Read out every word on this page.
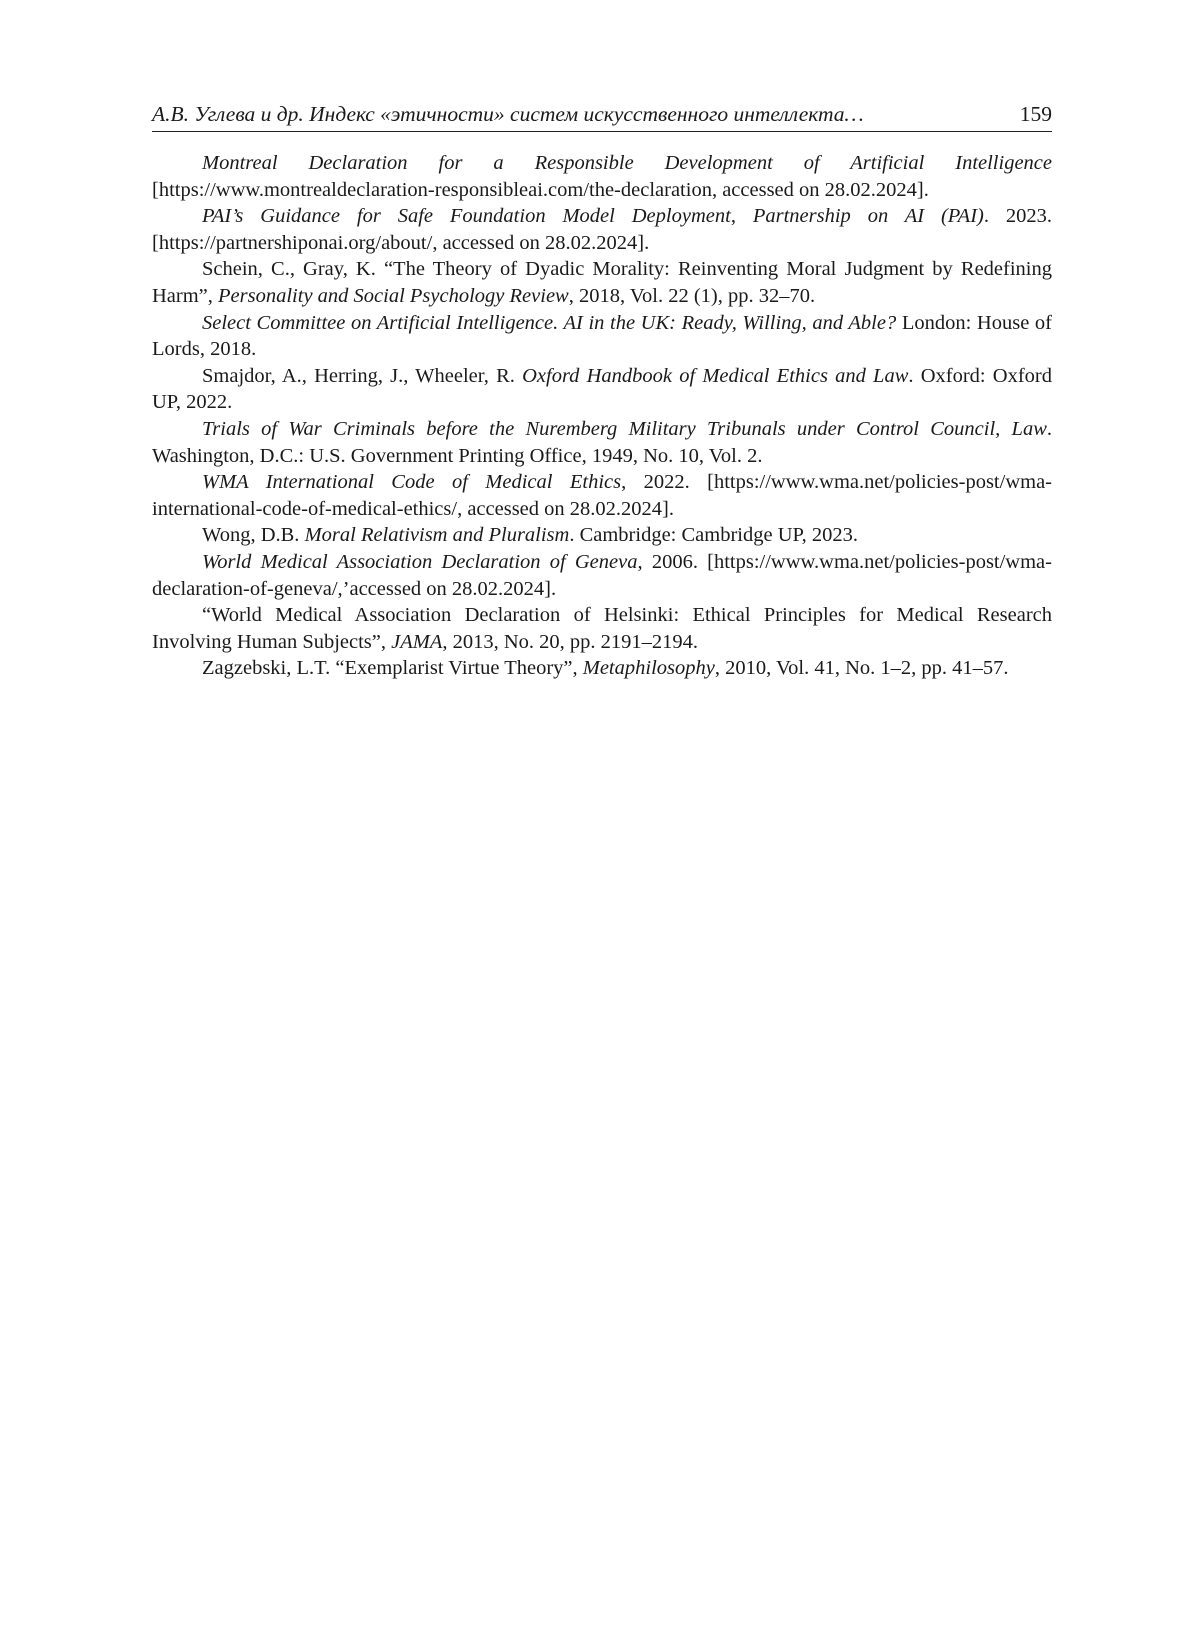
А.В. Углева и др. Индекс «этичности» систем искусственного интеллекта…	159

Montreal Declaration for a Responsible Development of Artificial Intelligence [https://www.montrealdeclaration-responsibleai.com/the-declaration, accessed on 28.02.2024].

PAI’s Guidance for Safe Foundation Model Deployment, Partnership on AI (PAI). 2023. [https://partnershiponai.org/about/, accessed on 28.02.2024].

Schein, C., Gray, K. “The Theory of Dyadic Morality: Reinventing Moral Judgment by Redefining Harm”, Personality and Social Psychology Review, 2018, Vol. 22 (1), pp. 32–70.

Select Committee on Artificial Intelligence. AI in the UK: Ready, Willing, and Able? London: House of Lords, 2018.

Smajdor, A., Herring, J., Wheeler, R. Oxford Handbook of Medical Ethics and Law. Oxford: Oxford UP, 2022.

Trials of War Criminals before the Nuremberg Military Tribunals under Control Council, Law. Washington, D.C.: U.S. Government Printing Office, 1949, No. 10, Vol. 2.

WMA International Code of Medical Ethics, 2022. [https://www.wma.net/policies-post/wma-international-code-of-medical-ethics/, accessed on 28.02.2024].

Wong, D.B. Moral Relativism and Pluralism. Cambridge: Cambridge UP, 2023.

World Medical Association Declaration of Geneva, 2006. [https://www.wma.net/policies-post/wma-declaration-of-geneva/,’accessed on 28.02.2024].

“World Medical Association Declaration of Helsinki: Ethical Principles for Medical Research Involving Human Subjects”, JAMA, 2013, No. 20, pp. 2191–2194.

Zagzebski, L.T. “Exemplarist Virtue Theory”, Metaphilosophy, 2010, Vol. 41, No. 1–2, pp. 41–57.
